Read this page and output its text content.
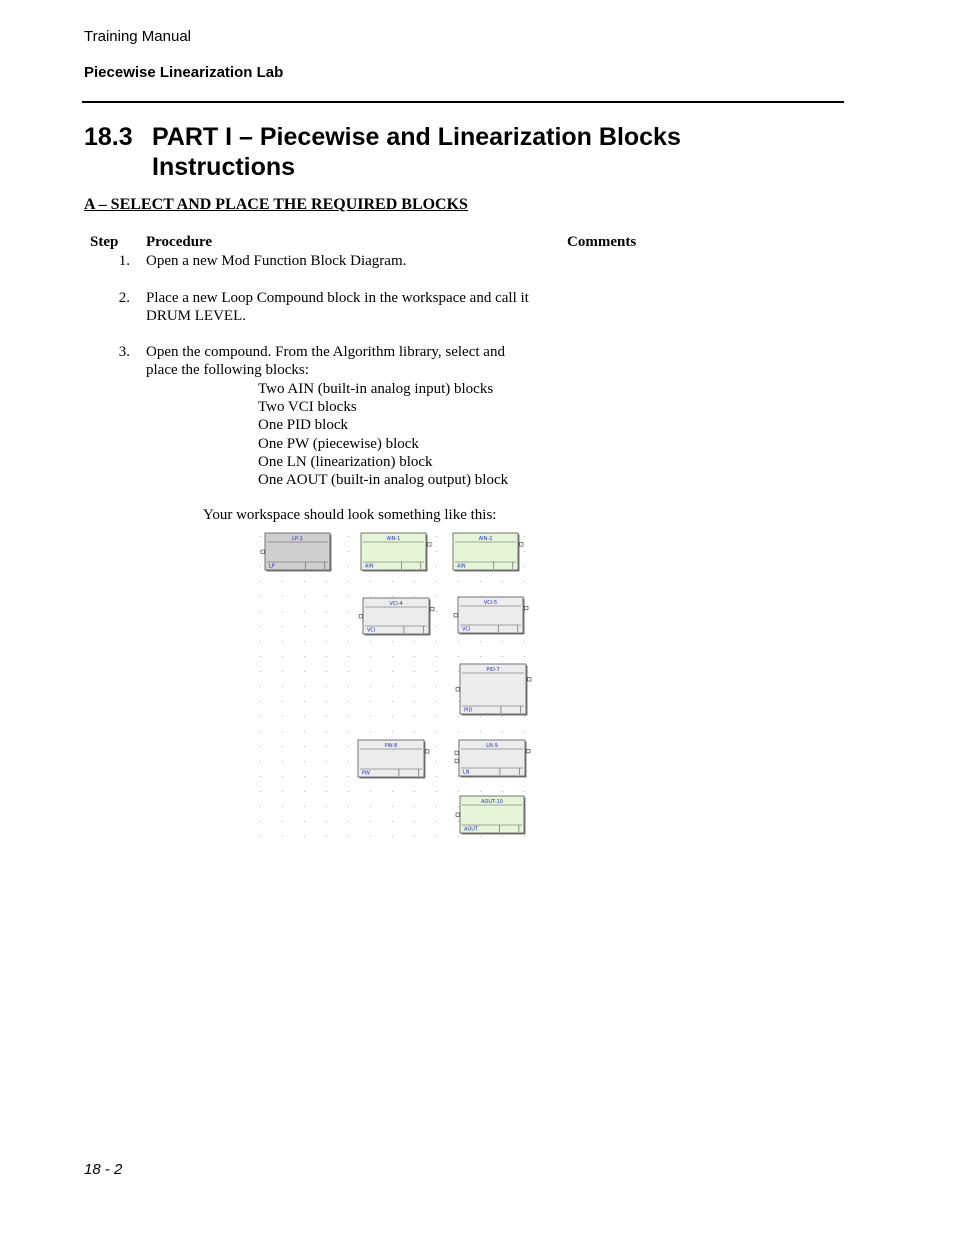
Training Manual
Piecewise Linearization Lab
18.3 PART I – Piecewise and Linearization Blocks Instructions
A – SELECT AND PLACE THE REQUIRED BLOCKS
Step Procedure	Comments
1. Open a new Mod Function Block Diagram.
2. Place a new Loop Compound block in the workspace and call it DRUM LEVEL.
3. Open the compound. From the Algorithm library, select and place the following blocks:
Two AIN (built-in analog input) blocks
Two VCI blocks
One PID block
One PW (piecewise) block
One LN (linearization) block
One AOUT (built-in analog output) block
Your workspace should look something like this:
LP-1
LP
AIN-1
AIN
AIN-2
AIN
VCI-4
VCI
VCI-5
VCI
PID-7
PID
PW-8
PW
LN-9
LN
AOUT-10
AOUT
18 - 2
